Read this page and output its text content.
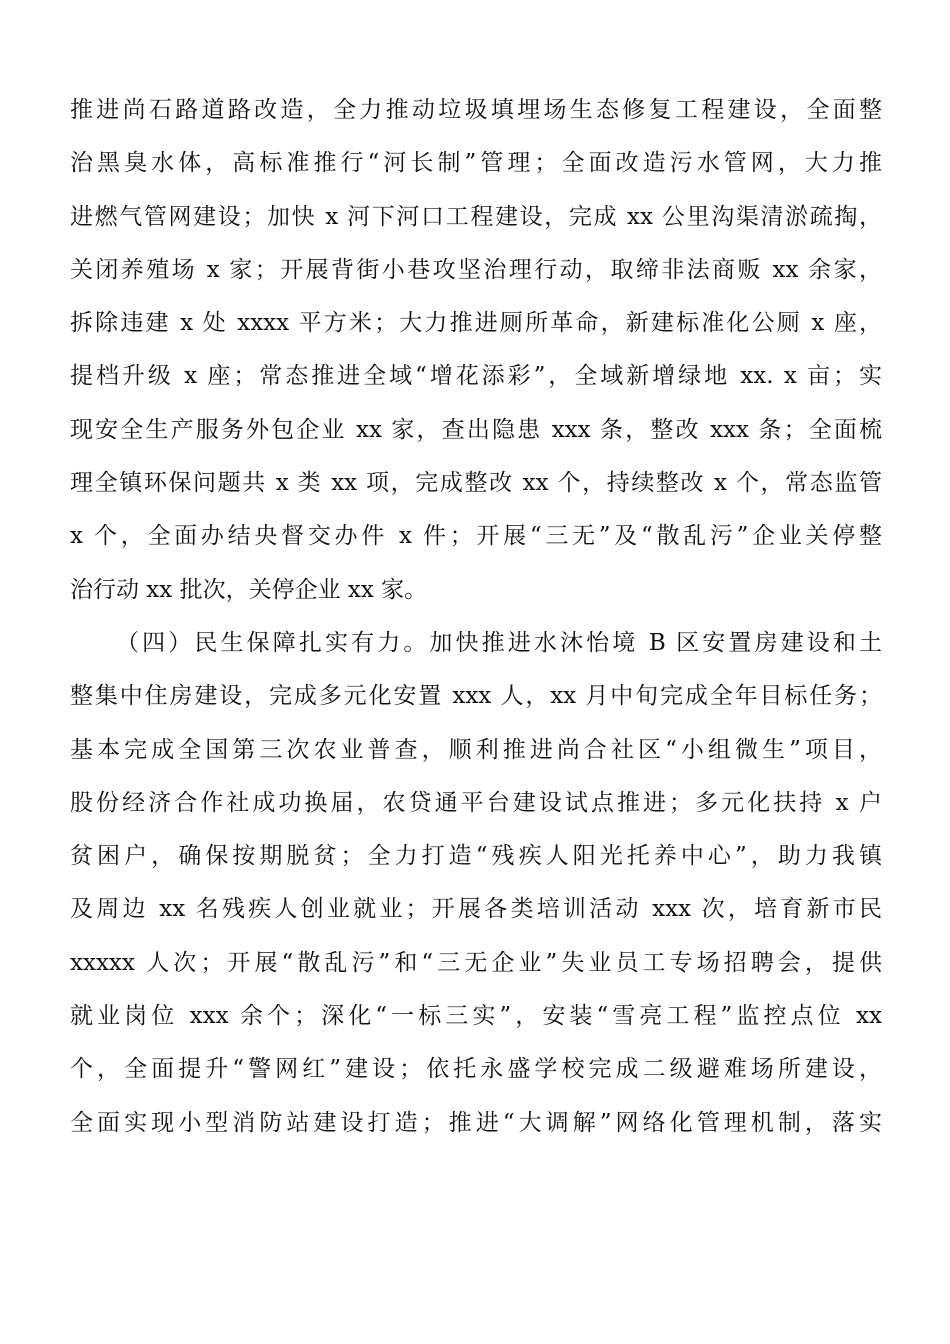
推进尚石路道路改造，全力推动垃圾填埋场生态修复工程建设，全面整
治黑臭水体，高标准推行“河长制”管理；全面改造污水管网，大力推
进燃气管网建设；加快 x 河下河口工程建设，完成 xx 公里沟渠清淤疏掏，
关闭养殖场 x 家；开展背街小巷攻坚治理行动，取缔非法商贩 xx 余家，
拆除违建 x 处 xxxx 平方米；大力推进厕所革命，新建标准化公厕 x 座，
提档升级 x 座；常态推进全域“增花添彩”，全域新增绿地 xx. x 亩；实
现安全生产服务外包企业 xx 家，查出隐患 xxx 条，整改 xxx 条；全面梳
理全镇环保问题共 x 类 xx 项，完成整改 xx 个，持续整改 x 个，常态监管
x 个，全面办结央督交办件 x 件；开展“三无”及“散乱污”企业关停整
治行动 xx 批次，关停企业 xx 家。
（四）民生保障扎实有力。加快推进水沐怡境 B 区安置房建设和土
整集中住房建设，完成多元化安置 xxx 人，xx 月中旬完成全年目标任务；
基本完成全国第三次农业普查，顺利推进尚合社区“小组微生”项目，
股份经济合作社成功换届，农贷通平台建设试点推进；多元化扶持 x 户
贫困户，确保按期脱贫；全力打造“残疾人阳光托养中心”，助力我镇
及周边 xx 名残疾人创业就业；开展各类培训活动 xxx 次，培育新市民
xxxxx 人次；开展“散乱污”和“三无企业”失业员工专场招聘会，提供
就业岗位 xxx 余个；深化“一标三实”，安装“雪亮工程”监控点位 xx
个，全面提升“警网红”建设；依托永盛学校完成二级避难场所建设，
全面实现小型消防站建设打造；推进“大调解”网络化管理机制，落实
